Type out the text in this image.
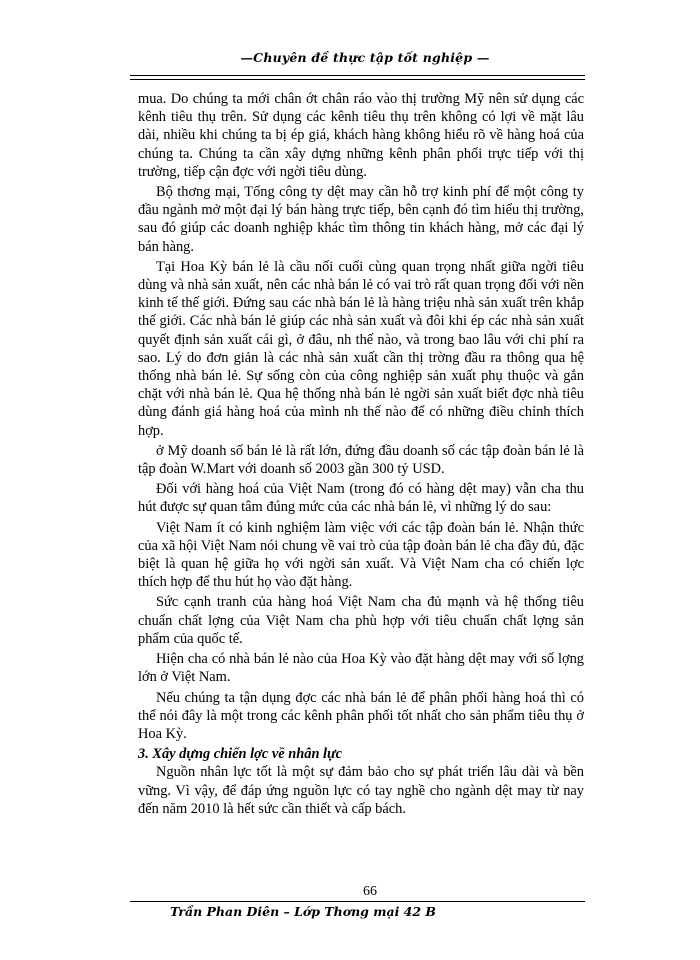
—Chuyên đề thực tập tốt nghiệp —

mua. Do chúng ta mới chân ớt chân ráo vào thị trường Mỹ nên sử dụng các kênh tiêu thụ trên. Sử dụng các kênh tiêu thụ trên không có lợi về mặt lâu dài, nhiều khi chúng ta bị ép giá, khách hàng không hiểu rõ về hàng hoá của chúng ta. Chúng ta cần xây dựng những kênh phân phối trực tiếp với thị trường, tiếp cận đợc với ngời tiêu dùng.

Bộ thơng mại, Tổng công ty dệt may cần hỗ trợ kinh phí để một công ty đầu ngành mở một đại lý bán hàng trực tiếp, bên cạnh đó tìm hiểu thị trường, sau đó giúp các doanh nghiệp khác tìm thông tin khách hàng, mở các đại lý bán hàng.

Tại Hoa Kỳ bán lẻ là cầu nối cuối cùng quan trọng nhất giữa ngời tiêu dùng và nhà sản xuất, nên các nhà bán lẻ có vai trò rất quan trọng đối với nền kinh tế thế giới. Đứng sau các nhà bán lẻ là hàng triệu nhà sản xuất trên khắp thế giới. Các nhà bán lẻ giúp các nhà sản xuất và đôi khi ép các nhà sản xuất quyết định sản xuất cái gì, ở đâu, nh thế nào, và trong bao lâu với chi phí ra sao. Lý do đơn giản là các nhà sản xuất cần thị trờng đầu ra thông qua hệ thống nhà bán lẻ. Sự sống còn của công nghiệp sản xuất phụ thuộc và gắn chặt với nhà bán lẻ. Qua hệ thống nhà bán lẻ ngời sản xuất biết đợc nhà tiêu dùng đánh giá hàng hoá của mình nh thế nào để có những điều chỉnh thích hợp.

ở Mỹ doanh số bán lẻ là rất lớn, đứng đầu doanh số các tập đoàn bán lẻ là tập đoàn W.Mart với doanh số 2003 gần 300 tỷ USD.

Đối với hàng hoá của Việt Nam (trong đó có hàng dệt may) vẫn cha thu hút được sự quan tâm đúng mức của các nhà bán lẻ, vì những lý do sau:

Việt Nam ít có kinh nghiệm làm việc với các tập đoàn bán lẻ. Nhận thức của xã hội Việt Nam nói chung về vai trò của tập đoàn bán lẻ cha đầy đủ, đặc biệt là quan hệ giữa họ với ngời sản xuất. Và Việt Nam cha có chiến lợc thích hợp để thu hút họ vào đặt hàng.

Sức cạnh tranh của hàng hoá Việt Nam cha đủ mạnh và hệ thống tiêu chuẩn chất lợng của Việt Nam cha phù hợp với tiêu chuẩn chất lợng sản phẩm của quốc tế.

Hiện cha có nhà bán lẻ nào của Hoa Kỳ vào đặt hàng dệt may với số lợng lớn ở Việt Nam.

Nếu chúng ta tận dụng đợc các nhà bán lẻ để phân phối hàng hoá thì có thể nói đây là một trong các kênh phân phối tốt nhất cho sản phẩm tiêu thụ ở Hoa Kỳ.

3. Xây dựng chiến lợc về nhân lực

Nguồn nhân lực tốt là một sự đảm bảo cho sự phát triển lâu dài và bền vững. Vì vậy, để đáp ứng nguồn lực có tay nghề cho ngành dệt may từ nay đến năm 2010 là hết sức cần thiết và cấp bách.

66
Trần Phan Diên – Lớp Thơng mại 42 B
